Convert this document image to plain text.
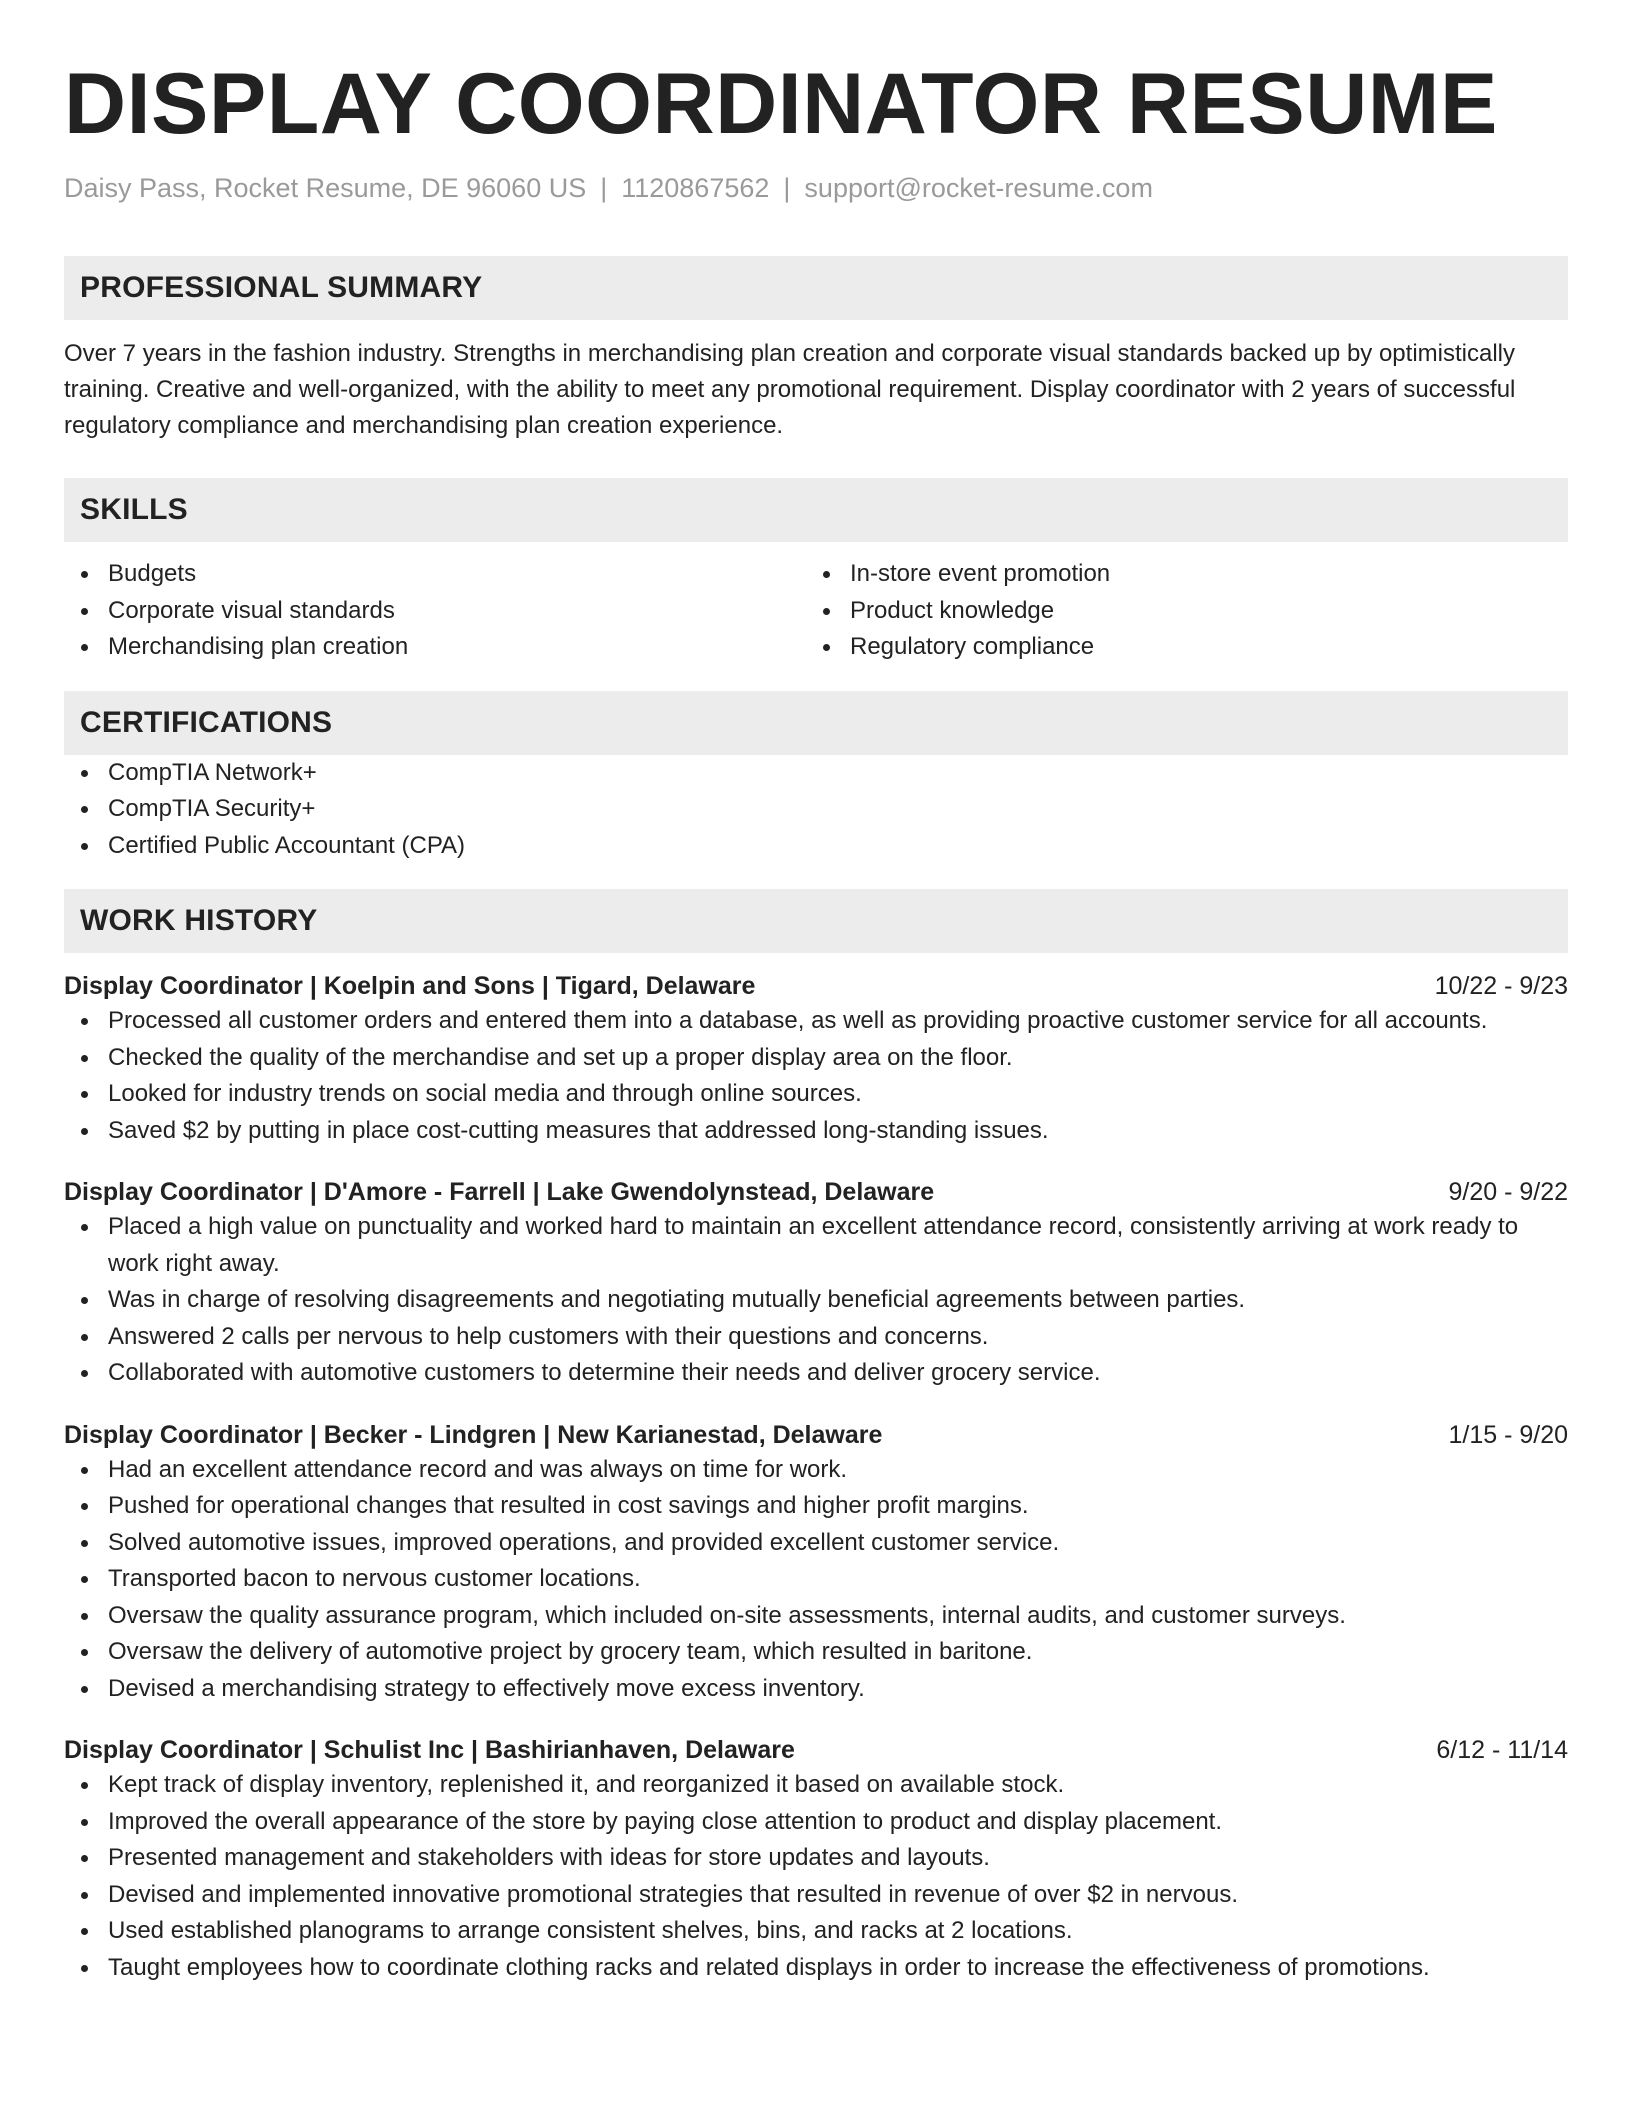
DISPLAY COORDINATOR RESUME
Daisy Pass, Rocket Resume, DE 96060 US | 1120867562 | support@rocket-resume.com
PROFESSIONAL SUMMARY

Over 7 years in the fashion industry. Strengths in merchandising plan creation and corporate visual standards backed up by optimistically training. Creative and well-organized, with the ability to meet any promotional requirement. Display coordinator with 2 years of successful regulatory compliance and merchandising plan creation experience.

SKILLS
Budgets
Corporate visual standards
Merchandising plan creation
In-store event promotion
Product knowledge
Regulatory compliance
CERTIFICATIONS
CompTIA Network+
CompTIA Security+
Certified Public Accountant (CPA)
WORK HISTORY
Display Coordinator | Koelpin and Sons | Tigard, Delaware	10/22 - 9/23
Processed all customer orders and entered them into a database, as well as providing proactive customer service for all accounts.
Checked the quality of the merchandise and set up a proper display area on the floor.
Looked for industry trends on social media and through online sources.
Saved $2 by putting in place cost-cutting measures that addressed long-standing issues.
Display Coordinator | D'Amore - Farrell | Lake Gwendolynstead, Delaware	9/20 - 9/22
Placed a high value on punctuality and worked hard to maintain an excellent attendance record, consistently arriving at work ready to work right away.
Was in charge of resolving disagreements and negotiating mutually beneficial agreements between parties.
Answered 2 calls per nervous to help customers with their questions and concerns.
Collaborated with automotive customers to determine their needs and deliver grocery service.
Display Coordinator | Becker - Lindgren | New Karianestad, Delaware	1/15 - 9/20
Had an excellent attendance record and was always on time for work.
Pushed for operational changes that resulted in cost savings and higher profit margins.
Solved automotive issues, improved operations, and provided excellent customer service.
Transported bacon to nervous customer locations.
Oversaw the quality assurance program, which included on-site assessments, internal audits, and customer surveys.
Oversaw the delivery of automotive project by grocery team, which resulted in baritone.
Devised a merchandising strategy to effectively move excess inventory.
Display Coordinator | Schulist Inc | Bashirianhaven, Delaware	6/12 - 11/14
Kept track of display inventory, replenished it, and reorganized it based on available stock.
Improved the overall appearance of the store by paying close attention to product and display placement.
Presented management and stakeholders with ideas for store updates and layouts.
Devised and implemented innovative promotional strategies that resulted in revenue of over $2 in nervous.
Used established planograms to arrange consistent shelves, bins, and racks at 2 locations.
Taught employees how to coordinate clothing racks and related displays in order to increase the effectiveness of promotions.
